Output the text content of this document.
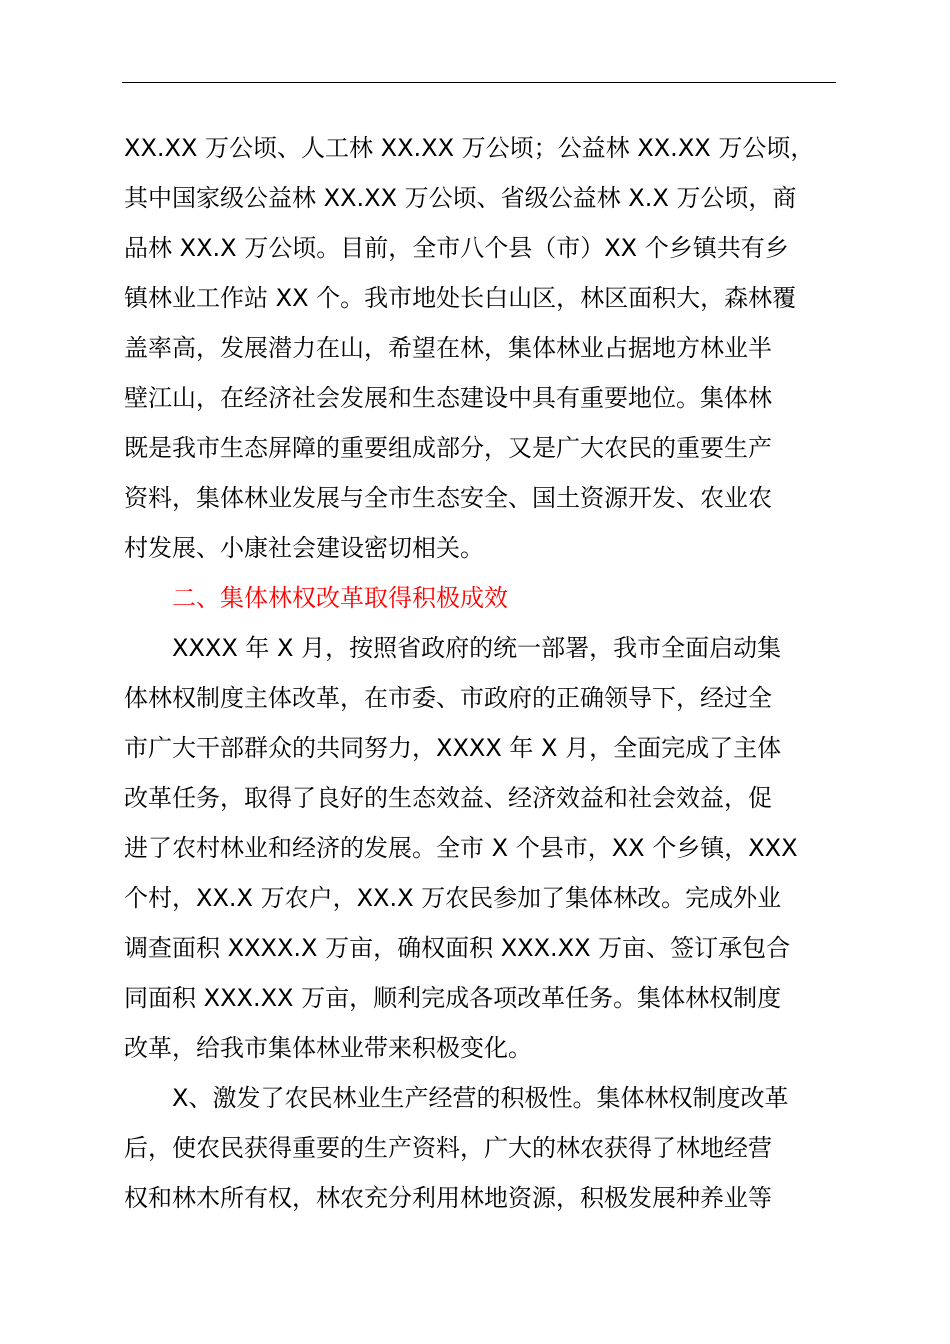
XX.XX 万公顷、人工林 XX.XX 万公顷；公益林 XX.XX 万公顷，
其中国家级公益林 XX.XX 万公顷、省级公益林 X.X 万公顷，商
品林 XX.X 万公顷。目前，全市八个县（市）XX 个乡镇共有乡
镇林业工作站 XX 个。我市地处长白山区，林区面积大，森林覆
盖率高，发展潜力在山，希望在林，集体林业占据地方林业半
壁江山，在经济社会发展和生态建设中具有重要地位。集体林
既是我市生态屏障的重要组成部分，又是广大农民的重要生产
资料，集体林业发展与全市生态安全、国土资源开发、农业农
村发展、小康社会建设密切相关。
二、集体林权改革取得积极成效
XXXX 年 X 月，按照省政府的统一部署，我市全面启动集
体林权制度主体改革，在市委、市政府的正确领导下，经过全
市广大干部群众的共同努力，XXXX 年 X 月，全面完成了主体
改革任务，取得了良好的生态效益、经济效益和社会效益，促
进了农村林业和经济的发展。全市 X 个县市，XX 个乡镇，XXX
个村，XX.X 万农户，XX.X 万农民参加了集体林改。完成外业
调查面积 XXXX.X 万亩，确权面积 XXX.XX 万亩、签订承包合
同面积 XXX.XX 万亩，顺利完成各项改革任务。集体林权制度
改革，给我市集体林业带来积极变化。
X、激发了农民林业生产经营的积极性。集体林权制度改革
后，使农民获得重要的生产资料，广大的林农获得了林地经营
权和林木所有权，林农充分利用林地资源，积极发展种养业等
